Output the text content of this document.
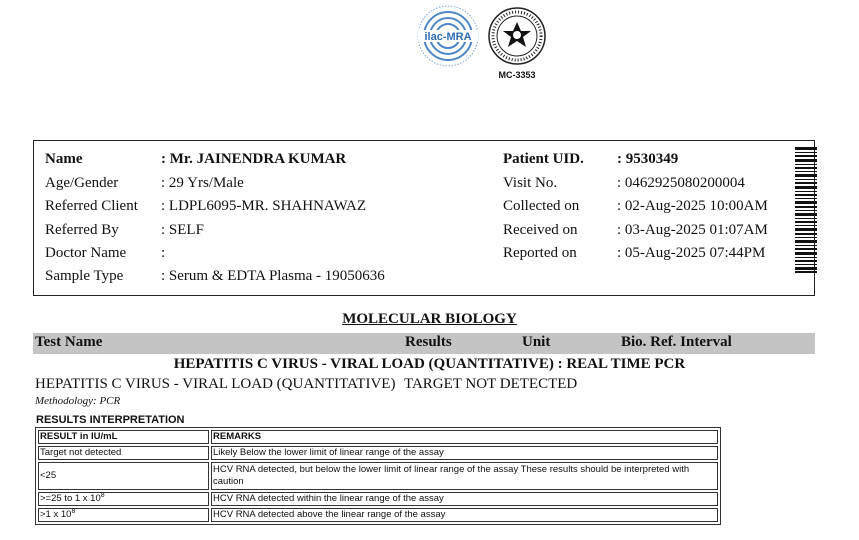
ilac-MRA
MC-3353
Name	: Mr. JAINENDRA KUMAR
Age/Gender	: 29 Yrs/Male
Referred Client : LDPL6095-MR. SHAHNAWAZ
Referred By	: SELF
Doctor Name :
Sample Type	: Serum & EDTA Plasma - 19050636
Patient UID. : 9530349
Visit No.	: 0462925080200004
Collected on	: 02-Aug-2025 10:00AM
Received on	: 03-Aug-2025 01:07AM
Reported on	: 05-Aug-2025 07:44PM
MOLECULAR BIOLOGY
Test Name	Results	Unit	Bio. Ref. Interval
HEPATITIS C VIRUS - VIRAL LOAD (QUANTITATIVE) : REAL TIME PCR
HEPATITIS C VIRUS - VIRAL LOAD (QUANTITATIVE) TARGET NOT DETECTED
Methodology: PCR
RESULTS INTERPRETATION
RESULT in IU/mL	REMARKS
Target not detected	Likely Below the lower limit of linear range of the assay
<25	HCV RNA detected, but below the lower limit of linear range of the assay These results should be interpreted with caution
>=25 to 1 x $10^8$	HCV RNA detected within the linear range of the assay
>1 x $10^8$	HCV RNA detected above the linear range of the assay
